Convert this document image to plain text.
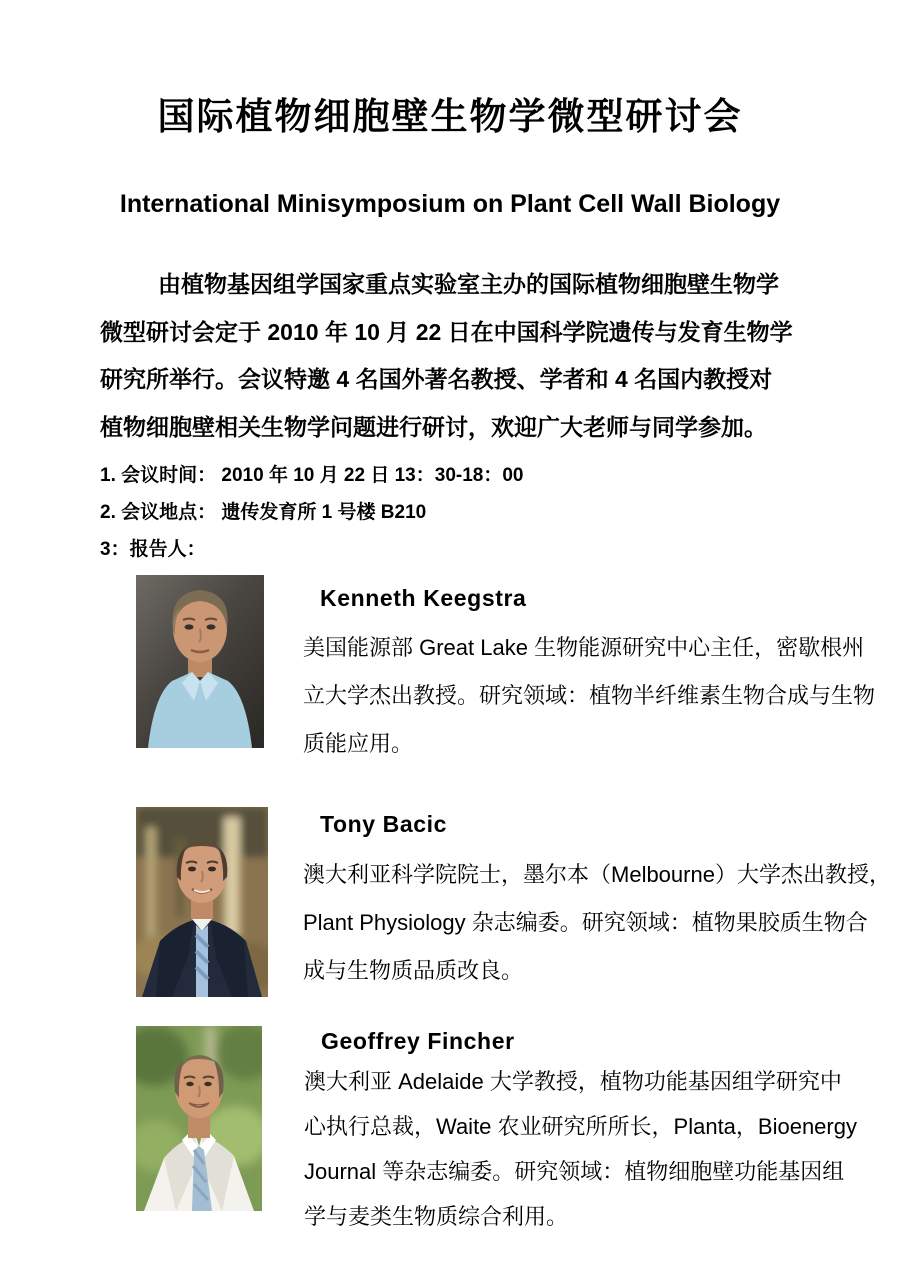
国际植物细胞壁生物学微型研讨会
International Minisymposium on Plant Cell Wall Biology
由植物基因组学国家重点实验室主办的国际植物细胞壁生物学
微型研讨会定于 2010 年 10 月 22 日在中国科学院遗传与发育生物学
研究所举行。会议特邀 4 名国外著名教授、学者和 4 名国内教授对
植物细胞壁相关生物学问题进行研讨，欢迎广大老师与同学参加。
1. 会议时间： 2010 年 10 月 22 日 13：30-18：00
2. 会议地点： 遗传发育所 1 号楼 B210
3：报告人：
Kenneth Keegstra
美国能源部 Great Lake 生物能源研究中心主任，密歇根州
立大学杰出教授。研究领域：植物半纤维素生物合成与生物
质能应用。
Tony Bacic
澳大利亚科学院院士，墨尔本（Melbourne）大学杰出教授，
Plant Physiology 杂志编委。研究领域：植物果胶质生物合
成与生物质品质改良。
Geoffrey Fincher
澳大利亚 Adelaide 大学教授，植物功能基因组学研究中
心执行总裁，Waite 农业研究所所长，Planta，Bioenergy
Journal 等杂志编委。研究领域：植物细胞壁功能基因组
学与麦类生物质综合利用。
